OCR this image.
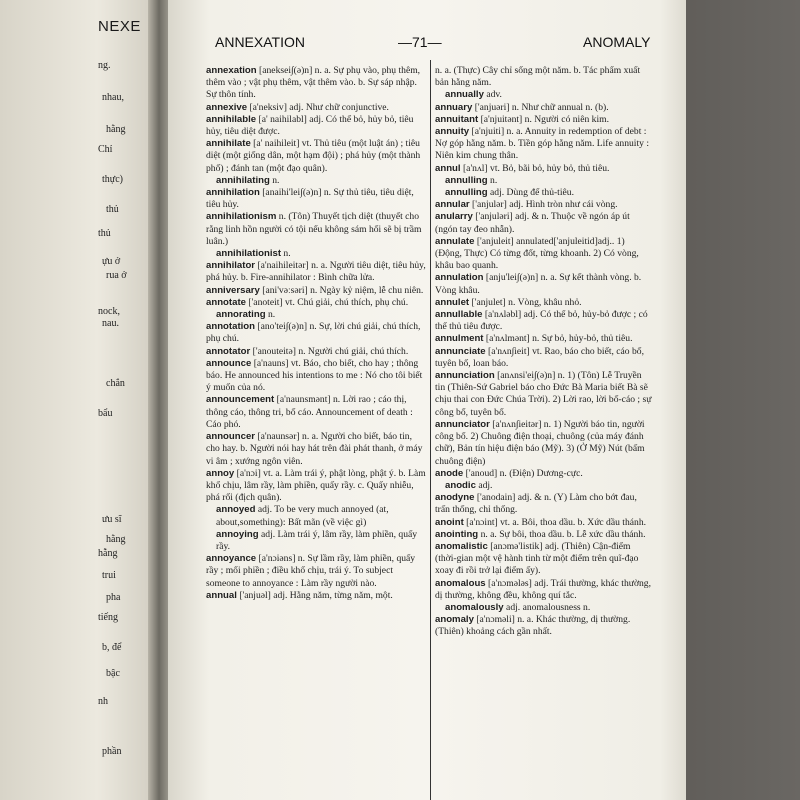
NEXE
ng.
nhau,
hằng
Chỉ
thực)
thủ
thủ
ựu ở
rua ở
nock,
nau.
chắn
bẩu
ưu sĩ
hằng
hẵng
trui
pha
tiếng
b, để
bậc
nh
phần
ANNEXATION	—71—	ANOMALY
annexation [aneksei∫(ə)n] n. a. Sự phụ vào, phụ thêm, thêm vào ; vật phụ thêm, vật thêm vào. b. Sự sáp nhập. Sự thôn tính.
annexive [a'neksiv] adj. Như chữ conjunctive.
annihilable [a' naihilabl] adj. Có thể bỏ, hủy bỏ, tiêu hủy, tiêu diệt được.
annihilate [a' naihileit] vt. Thủ tiêu (một luật án) ; tiêu diệt (một giống dân, một hạm đội) ; phá hủy (một thành phố) ; đánh tan (một đạo quân).
annihilating n.
annihilation [anaihi'lei∫(ə)n] n. Sự thủ tiêu, tiêu diệt, tiêu hủy.
annihilationism n. (Tôn) Thuyết tịch diệt (thuyết cho rằng linh hồn người có tội nếu không sám hối sẽ bị trầm luân.)
annihilationist n.
annihilator [a'naihileitər] n. a. Người tiêu diệt, tiêu hủy, phá hủy. b. Fire-annihilator : Bình chữa lửa.
anniversary [ani'vəːsəri] n. Ngày kỷ niệm, lễ chu niên.
annotate ['anoteit] vt. Chú giải, chú thích, phụ chú.
annorating n.
annotation [ano'tei∫(ə)n] n. Sự, lời chú giải, chú thích, phụ chú.
annotator ['anouteitə] n. Người chú giải, chú thích.
announce [a'nauns] vt. Báo, cho biết, cho hay ; thông báo. He announced his intentions to me : Nó cho tôi biết ý muốn của nó.
announcement [a'naunsmənt] n. Lời rao ; cáo thị, thông cáo, thông tri, bố cáo. Announcement of death : Cáo phó.
announcer [a'naunsər] n. a. Người cho biết, báo tin, cho hay. b. Người nói hay hát trên đài phát thanh, ở máy vi âm ; xướng ngôn viên.
annoy [a'nɔi] vt. a. Làm trái ý, phật lòng, phật ý. b. Làm khổ chịu, lâm rầy, làm phiền, quấy rầy. c. Quấy nhiễu, phá rối (địch quân).
annoyed adj. To be very much annoyed (at, about,something): Bất mãn (về việc gì)
annoying adj. Làm trái ý, lâm rầy, làm phiền, quấy rầy.
annoyance [a'nɔiəns] n. Sự lầm rầy, làm phiền, quấy rầy ; mối phiền ; điều khổ chịu, trái ý. To subject someone to annoyance : Làm rầy người nào.
annual ['anjuəl] adj. Hằng năm, từng năm, một.
n. a. (Thực) Cây chỉ sống một năm. b. Tác phẩm xuất bản hằng năm.
annually adv.
annuary ['anjuəri] n. Như chữ annual n. (b).
annuitant [a'njuitənt] n. Người có niên kim.
annuity [a'njuiti] n. a. Annuity in redemption of debt : Nợ góp hằng năm. b. Tiền góp hằng năm. Life annuity : Niên kim chung thân.
annul [a'nʌl] vt. Bỏ, bãi bỏ, hủy bỏ, thủ tiêu.
annulling n.
annulling adj. Dùng để thủ-tiêu.
annular ['anjulər] adj. Hình tròn như cái vòng.
anularry ['anjuləri] adj. & n. Thuộc về ngón áp út (ngón tay đeo nhẫn).
annulate ['anjuleit] annulated['anjuleitid]adj.. 1) (Động, Thực) Có từng đốt, từng khoanh. 2) Có vòng, khâu bao quanh.
annulation [anju'lei∫(ə)n] n. a. Sự kết thành vòng. b. Vòng khâu.
annulet ['anjulet] n. Vòng, khâu nhỏ.
annullable [a'nʌləbl] adj. Có thể bỏ, hủy-bỏ được ; có thể thủ tiêu được.
annulment [a'nʌlmənt] n. Sự bỏ, hủy-bỏ, thủ tiêu.
annunciate [a'nʌn∫ieit] vt. Rao, báo cho biết, cáo bố, tuyên bố, loan báo.
annunciation [anʌnsi'ei∫(ə)n] n. 1) (Tôn) Lễ Truyền tin (Thiên-Sứ Gabriel báo cho Đức Bà Maria biết Bà sẽ chịu thai con Đức Chúa Trời). 2) Lời rao, lời bố-cáo ; sự công bố, tuyên bố.
annunciator [a'nʌn∫ieitər] n. 1) Người báo tin, người công bố. 2) Chuông điện thoại, chuông (của máy đánh chữ), Bản tín hiệu điện báo (Mỹ). 3) (Ở Mỹ) Nút (bấm chuông điện)
anode ['anoud] n. (Điện) Dương-cực.
anodic adj.
anodyne ['anodain] adj. & n. (Y) Làm cho bớt đau, trấn thống, chỉ thống.
anoint [a'nɔint] vt. a. Bôi, thoa dầu. b. Xức dầu thánh.
anointing n. a. Sự bôi, thoa dầu. b. Lễ xức dầu thánh.
anomalistic [anɔmə'listik] adj. (Thiên) Cận-điểm (thời-gian một vệ hành tinh từ một điểm trên quĩ-đạo xoay đi rồi trở lại điểm ấy).
anomalous [a'nɔmələs] adj. Trái thường, khác thường, dị thường, không đều, không quí tắc.
anomalously adj. anomalousness n.
anomaly [a'nɔməli] n. a. Khác thường, dị thường. (Thiên) khoảng cách gần nhất.
